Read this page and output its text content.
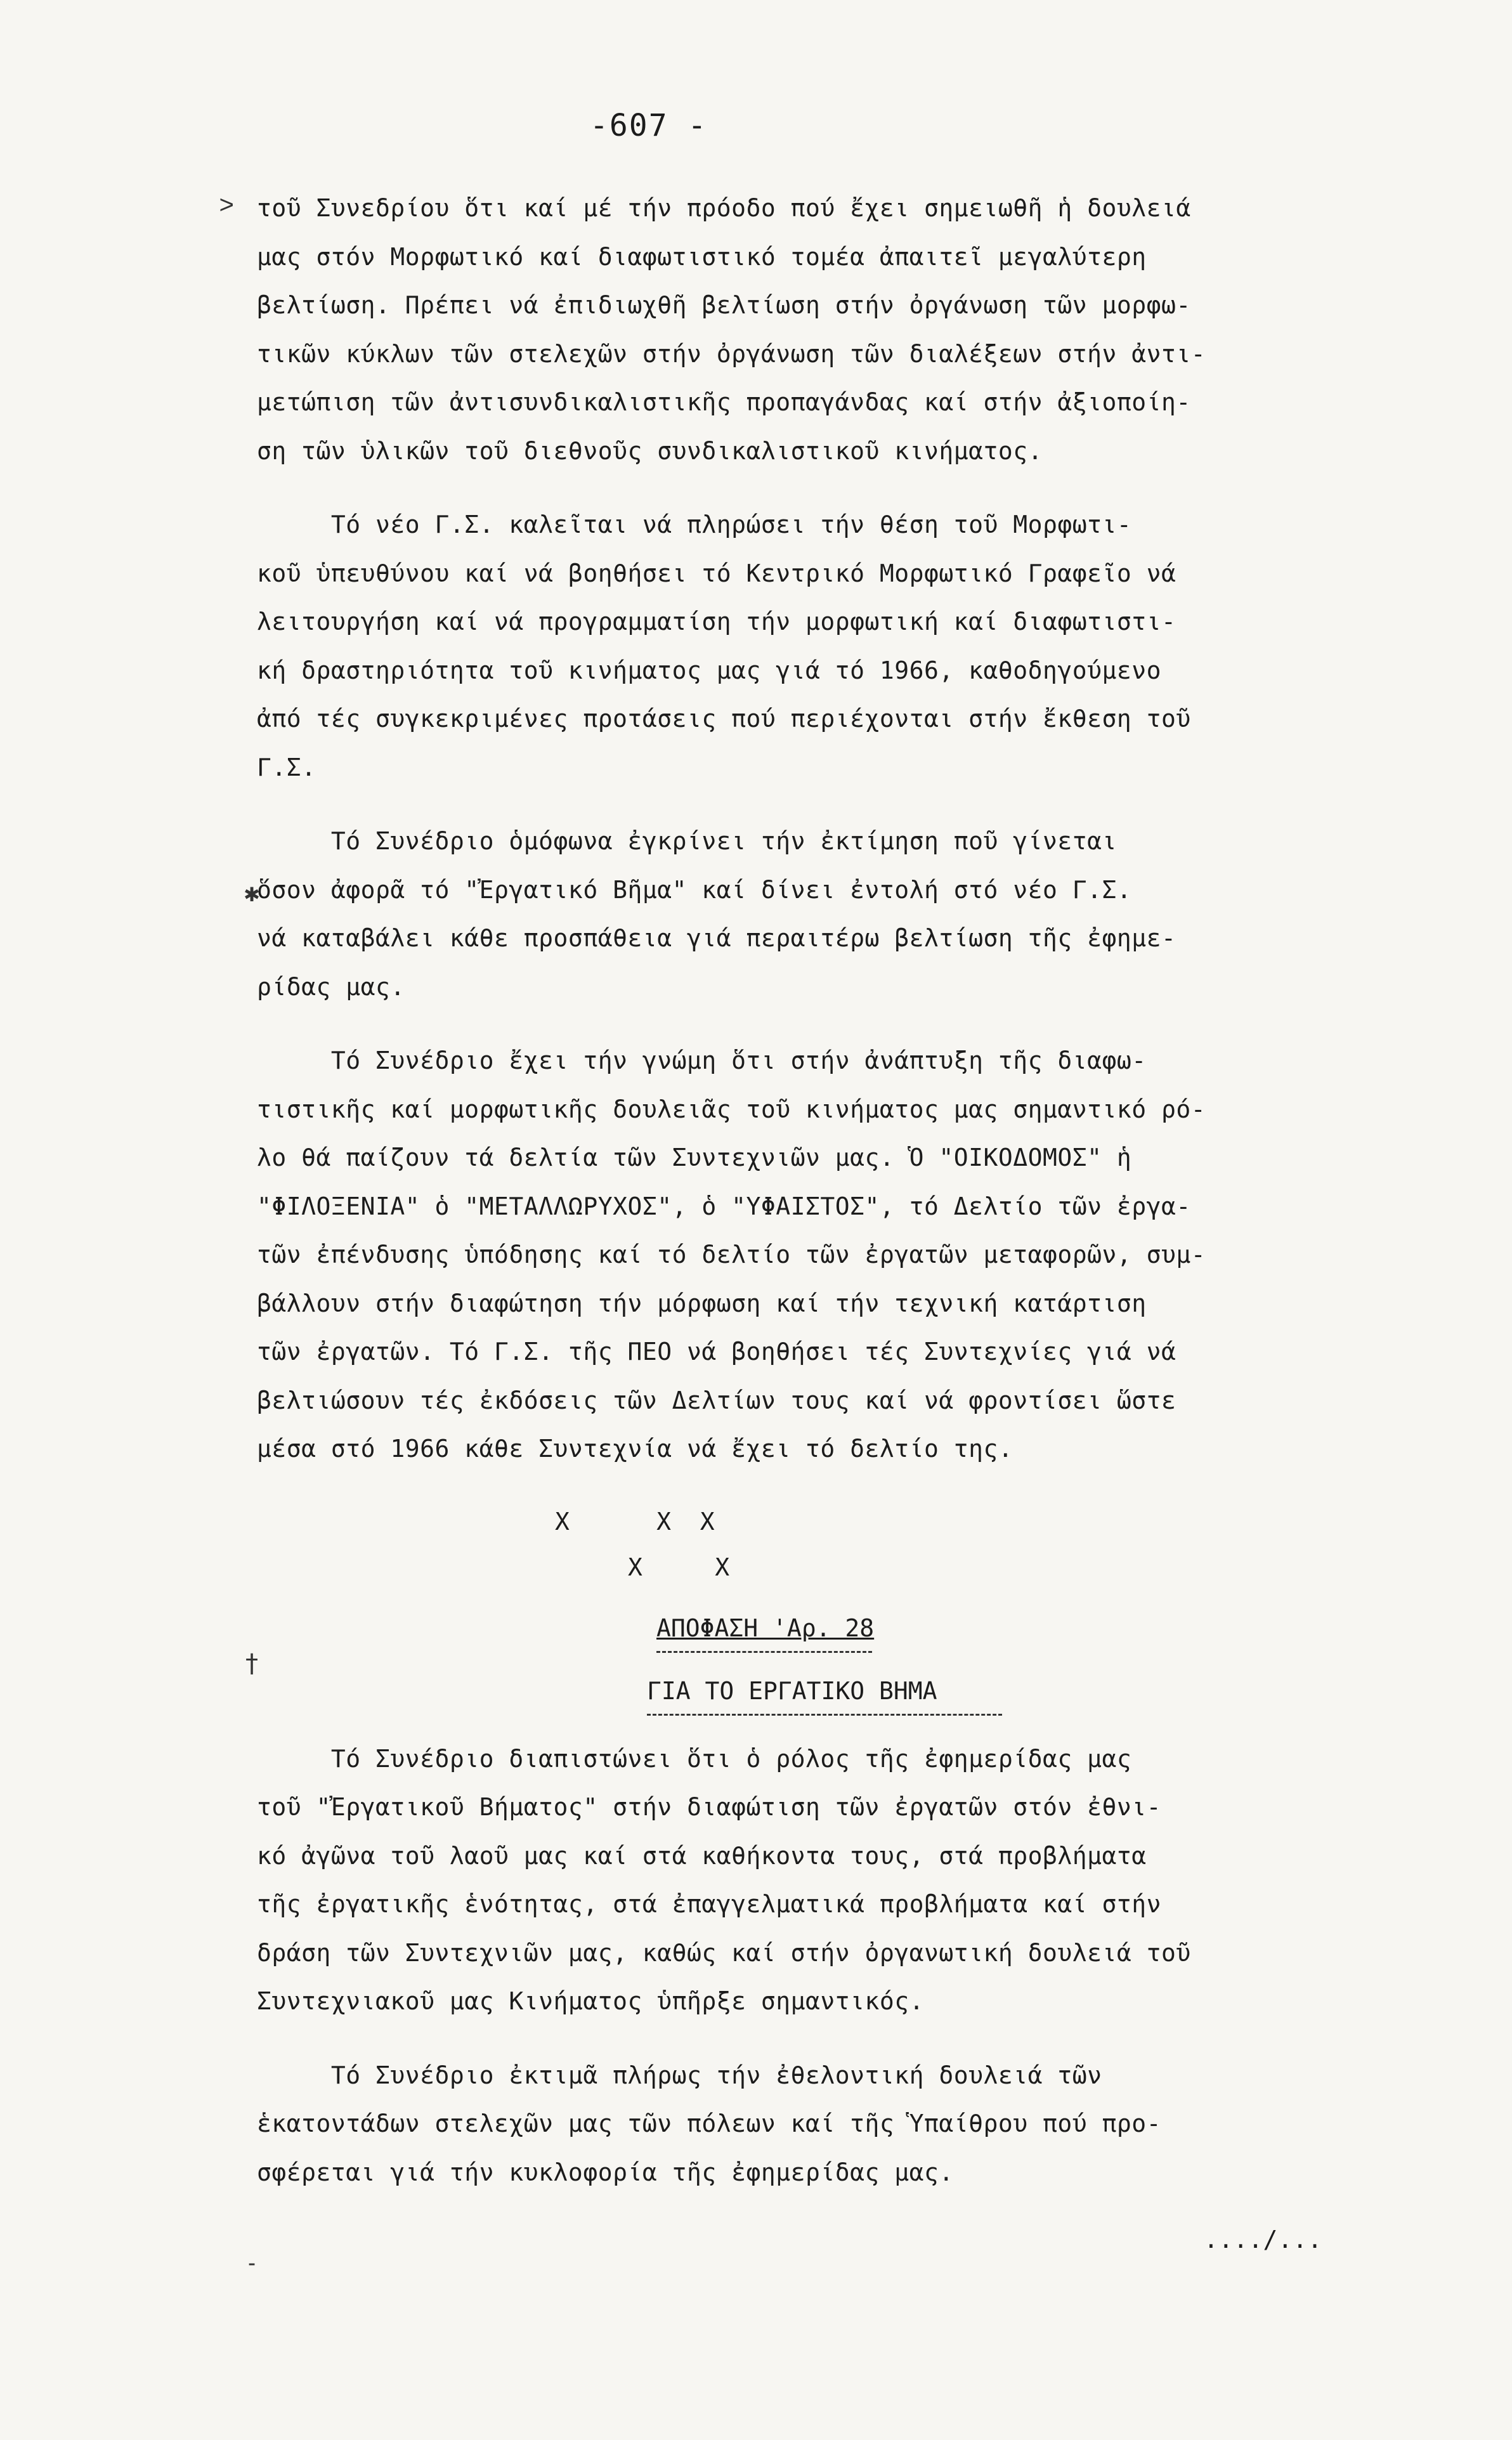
-607 -
˃
✱
†
˗
τοῦ Συνεδρίου ὅτι καί μέ τήν πρόοδο πού ἔχει σημειωθῆ ἡ δουλειά
μας στόν Μορφωτικό καί διαφωτιστικό τομέα ἀπαιτεῖ μεγαλύτερη
βελτίωση. Πρέπει νά ἐπιδιωχθῆ βελτίωση στήν ὀργάνωση τῶν μορφω-
τικῶν κύκλων τῶν στελεχῶν στήν ὀργάνωση τῶν διαλέξεων στήν ἀντι-
μετώπιση τῶν ἀντισυνδικαλιστικῆς προπαγάνδας καί στήν ἀξιοποίη-
ση τῶν ὑλικῶν τοῦ διεθνοῦς συνδικαλιστικοῦ κινήματος.
Τό νέο Γ.Σ. καλεῖται νά πληρώσει τήν θέση τοῦ Μορφωτι-
κοῦ ὑπευθύνου καί νά βοηθήσει τό Κεντρικό Μορφωτικό Γραφεῖο νά
λειτουργήση καί νά προγραμματίση τήν μορφωτική καί διαφωτιστι-
κή δραστηριότητα τοῦ κινήματος μας γιά τό 1966, καθοδηγούμενο
ἀπό τές συγκεκριμένες προτάσεις πού περιέχονται στήν ἔκθεση τοῦ
Γ.Σ.
Τό Συνέδριο ὁμόφωνα ἐγκρίνει τήν ἐκτίμηση ποῦ γίνεται
ὅσον ἀφορᾶ τό "Ἐργατικό Βῆμα" καί δίνει ἐντολή στό νέο Γ.Σ.
νά καταβάλει κάθε προσπάθεια γιά περαιτέρω βελτίωση τῆς ἐφημε-
ρίδας μας.
Τό Συνέδριο ἔχει τήν γνώμη ὅτι στήν ἀνάπτυξη τῆς διαφω-
τιστικῆς καί μορφωτικῆς δουλειᾶς τοῦ κινήματος μας σημαντικό ρό-
λο θά παίζουν τά δελτία τῶν Συντεχνιῶν μας. Ὁ "ΟΙΚΟΔΟΜΟΣ" ἡ
"ΦΙΛΟΞΕΝΙΑ" ὁ "ΜΕΤΑΛΛΩΡΥΧΟΣ", ὁ "ΥΦΑΙΣΤΟΣ", τό Δελτίο τῶν ἐργα-
τῶν ἐπένδυσης ὑπόδησης καί τό δελτίο τῶν ἐργατῶν μεταφορῶν, συμ-
βάλλουν στήν διαφώτηση τήν μόρφωση καί τήν τεχνική κατάρτιση
τῶν ἐργατῶν. Τό Γ.Σ. τῆς ΠΕΟ νά βοηθήσει τές Συντεχνίες γιά νά
βελτιώσουν τές ἐκδόσεις τῶν Δελτίων τους καί νά φροντίσει ὥστε
μέσα στό 1966 κάθε Συντεχνία νά ἔχει τό δελτίο της.
X      X  X
X     X
ΑΠΟΦΑΣΗ 'Αρ. 28
ΓΙΑ ΤΟ ΕΡΓΑΤΙΚΟ ΒΗΜΑ
Τό Συνέδριο διαπιστώνει ὅτι ὁ ρόλος τῆς ἐφημερίδας μας
τοῦ "Ἐργατικοῦ Βήματος" στήν διαφώτιση τῶν ἐργατῶν στόν ἐθνι-
κό ἀγῶνα τοῦ λαοῦ μας καί στά καθήκοντα τους, στά προβλήματα
τῆς ἐργατικῆς ἑνότητας, στά ἐπαγγελματικά προβλήματα καί στήν
δράση τῶν Συντεχνιῶν μας, καθώς καί στήν ὀργανωτική δουλειά τοῦ
Συντεχνιακοῦ μας Κινήματος ὑπῆρξε σημαντικός.
Τό Συνέδριο ἐκτιμᾶ πλήρως τήν ἐθελοντική δουλειά τῶν
ἑκατοντάδων στελεχῶν μας τῶν πόλεων καί τῆς Ὑπαίθρου πού προ-
σφέρεται γιά τήν κυκλοφορία τῆς ἐφημερίδας μας.
..../...
